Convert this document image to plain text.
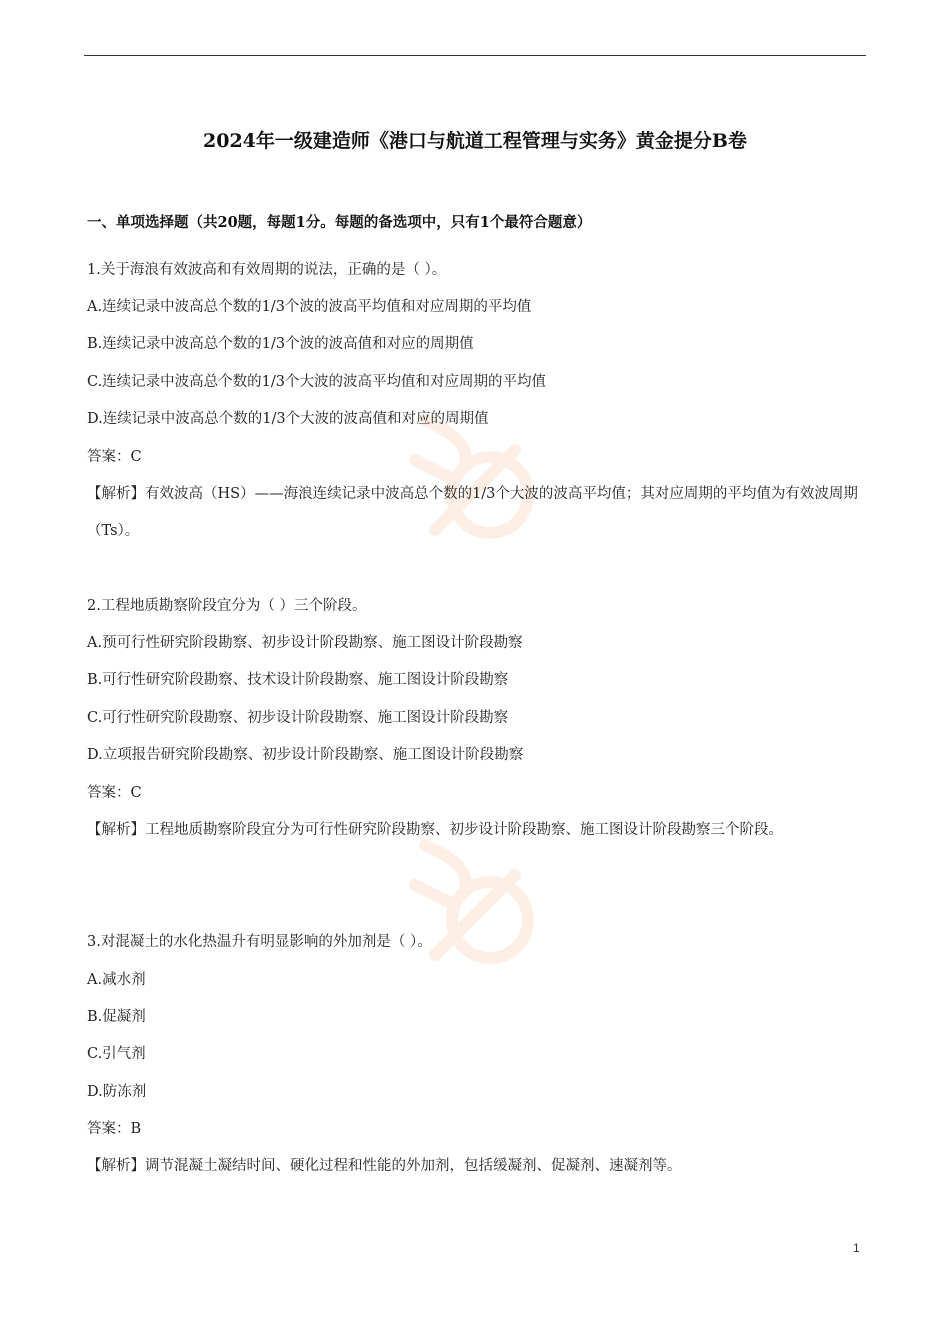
2024年一级建造师《港口与航道工程管理与实务》黄金提分B卷
一、单项选择题（共20题，每题1分。每题的备选项中，只有1个最符合题意）
1.关于海浪有效波高和有效周期的说法，正确的是（ ）。
A.连续记录中波高总个数的1/3个波的波高平均值和对应周期的平均值
B.连续记录中波高总个数的1/3个波的波高值和对应的周期值
C.连续记录中波高总个数的1/3个大波的波高平均值和对应周期的平均值
D.连续记录中波高总个数的1/3个大波的波高值和对应的周期值
答案：C
【解析】有效波高（HS）——海浪连续记录中波高总个数的1/3个大波的波高平均值；其对应周期的平均值为有效波周期（Ts）。
2.工程地质勘察阶段宜分为（ ）三个阶段。
A.预可行性研究阶段勘察、初步设计阶段勘察、施工图设计阶段勘察
B.可行性研究阶段勘察、技术设计阶段勘察、施工图设计阶段勘察
C.可行性研究阶段勘察、初步设计阶段勘察、施工图设计阶段勘察
D.立项报告研究阶段勘察、初步设计阶段勘察、施工图设计阶段勘察
答案：C
【解析】工程地质勘察阶段宜分为可行性研究阶段勘察、初步设计阶段勘察、施工图设计阶段勘察三个阶段。
3.对混凝土的水化热温升有明显影响的外加剂是（ ）。
A.减水剂
B.促凝剂
C.引气剂
D.防冻剂
答案：B
【解析】调节混凝土凝结时间、硬化过程和性能的外加剂，包括缓凝剂、促凝剂、速凝剂等。
1
